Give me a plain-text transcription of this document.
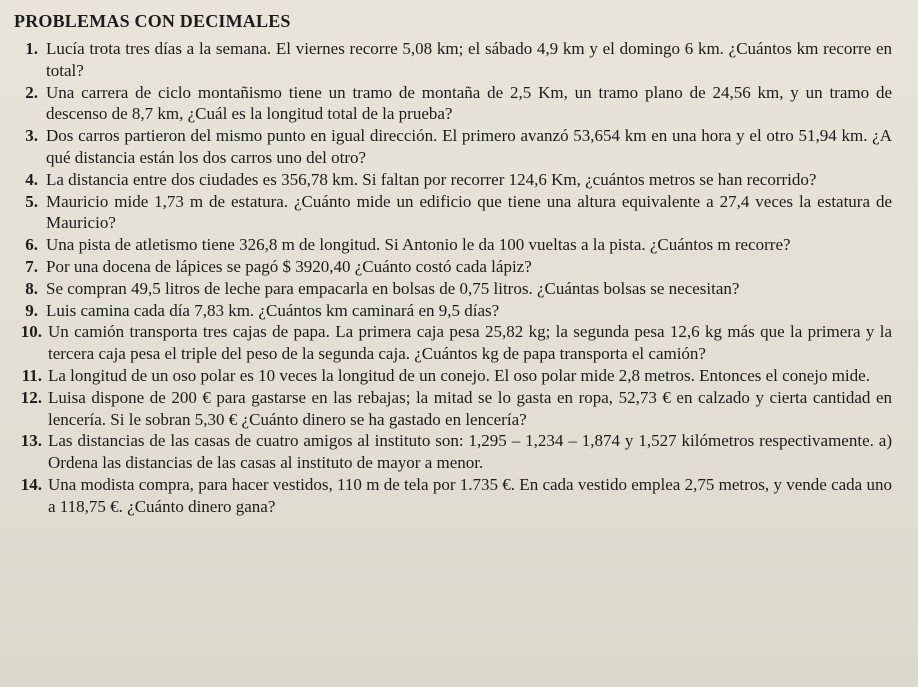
PROBLEMAS CON DECIMALES
1. Lucía trota tres días a la semana. El viernes recorre 5,08 km; el sábado 4,9 km y el domingo 6 km. ¿Cuántos km recorre en total?
2. Una carrera de ciclo montañismo tiene un tramo de montaña de 2,5 Km, un tramo plano de 24,56 km, y un tramo de descenso de 8,7 km, ¿Cuál es la longitud total de la prueba?
3. Dos carros partieron del mismo punto en igual dirección. El primero avanzó 53,654 km en una hora y el otro 51,94 km. ¿A qué distancia están los dos carros uno del otro?
4. La distancia entre dos ciudades es 356,78 km. Si faltan por recorrer 124,6 Km, ¿cuántos metros se han recorrido?
5. Mauricio mide 1,73 m de estatura. ¿Cuánto mide un edificio que tiene una altura equivalente a 27,4 veces la estatura de Mauricio?
6. Una pista de atletismo tiene 326,8 m de longitud. Si Antonio le da 100 vueltas a la pista. ¿Cuántos m recorre?
7. Por una docena de lápices se pagó $ 3920,40 ¿Cuánto costó cada lápiz?
8. Se compran 49,5 litros de leche para empacarla en bolsas de 0,75 litros. ¿Cuántas bolsas se necesitan?
9. Luis camina cada día 7,83 km. ¿Cuántos km caminará en 9,5 días?
10. Un camión transporta tres cajas de papa. La primera caja pesa 25,82 kg; la segunda pesa 12,6 kg más que la primera y la tercera caja pesa el triple del peso de la segunda caja. ¿Cuántos kg de papa transporta el camión?
11. La longitud de un oso polar es 10 veces la longitud de un conejo. El oso polar mide 2,8 metros. Entonces el conejo mide.
12. Luisa dispone de 200 € para gastarse en las rebajas; la mitad se lo gasta en ropa, 52,73 € en calzado y cierta cantidad en lencería. Si le sobran 5,30 € ¿Cuánto dinero se ha gastado en lencería?
13. Las distancias de las casas de cuatro amigos al instituto son: 1,295 – 1,234 – 1,874 y 1,527 kilómetros respectivamente. a) Ordena las distancias de las casas al instituto de mayor a menor.
14. Una modista compra, para hacer vestidos, 110 m de tela por 1.735 €. En cada vestido emplea 2,75 metros, y vende cada uno a 118,75 €. ¿Cuánto dinero gana?
